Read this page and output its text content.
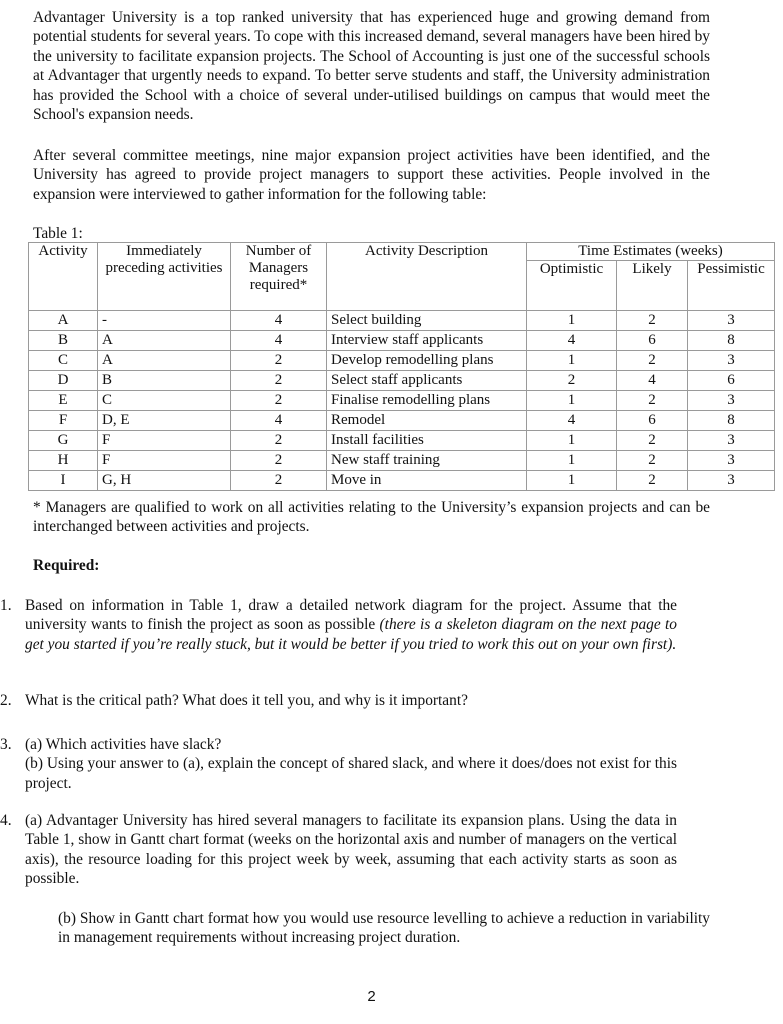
Advantager University is a top ranked university that has experienced huge and growing demand from potential students for several years. To cope with this increased demand, several managers have been hired by the university to facilitate expansion projects. The School of Accounting is just one of the successful schools at Advantager that urgently needs to expand. To better serve students and staff, the University administration has provided the School with a choice of several under-utilised buildings on campus that would meet the School's expansion needs.

After several committee meetings, nine major expansion project activities have been identified, and the University has agreed to provide project managers to support these activities. People involved in the expansion were interviewed to gather information for the following table:

Table 1:
Activity	Immediately preceding activities	Number of Managers required*	Activity Description	Time Estimates (weeks)		
				Optimistic	Likely	Pessimistic
A	-	4	Select building	1	2	3
B	A	4	Interview staff applicants	4	6	8
C	A	2	Develop remodelling plans	1	2	3
D	B	2	Select staff applicants	2	4	6
E	C	2	Finalise remodelling plans	1	2	3
F	D, E	4	Remodel	4	6	8
G	F	2	Install facilities	1	2	3
H	F	2	New staff training	1	2	3
I	G, H	2	Move in	1	2	3

* Managers are qualified to work on all activities relating to the University’s expansion projects and can be interchanged between activities and projects.

Required:
1. Based on information in Table 1, draw a detailed network diagram for the project. Assume that the university wants to finish the project as soon as possible (there is a skeleton diagram on the next page to get you started if you’re really stuck, but it would be better if you tried to work this out on your own first).
2. What is the critical path? What does it tell you, and why is it important?
3. (a) Which activities have slack?
(b) Using your answer to (a), explain the concept of shared slack, and where it does/does not exist for this project.
4. (a) Advantager University has hired several managers to facilitate its expansion plans. Using the data in Table 1, show in Gantt chart format (weeks on the horizontal axis and number of managers on the vertical axis), the resource loading for this project week by week, assuming that each activity starts as soon as possible.
(b) Show in Gantt chart format how you would use resource levelling to achieve a reduction in variability in management requirements without increasing project duration.
2
